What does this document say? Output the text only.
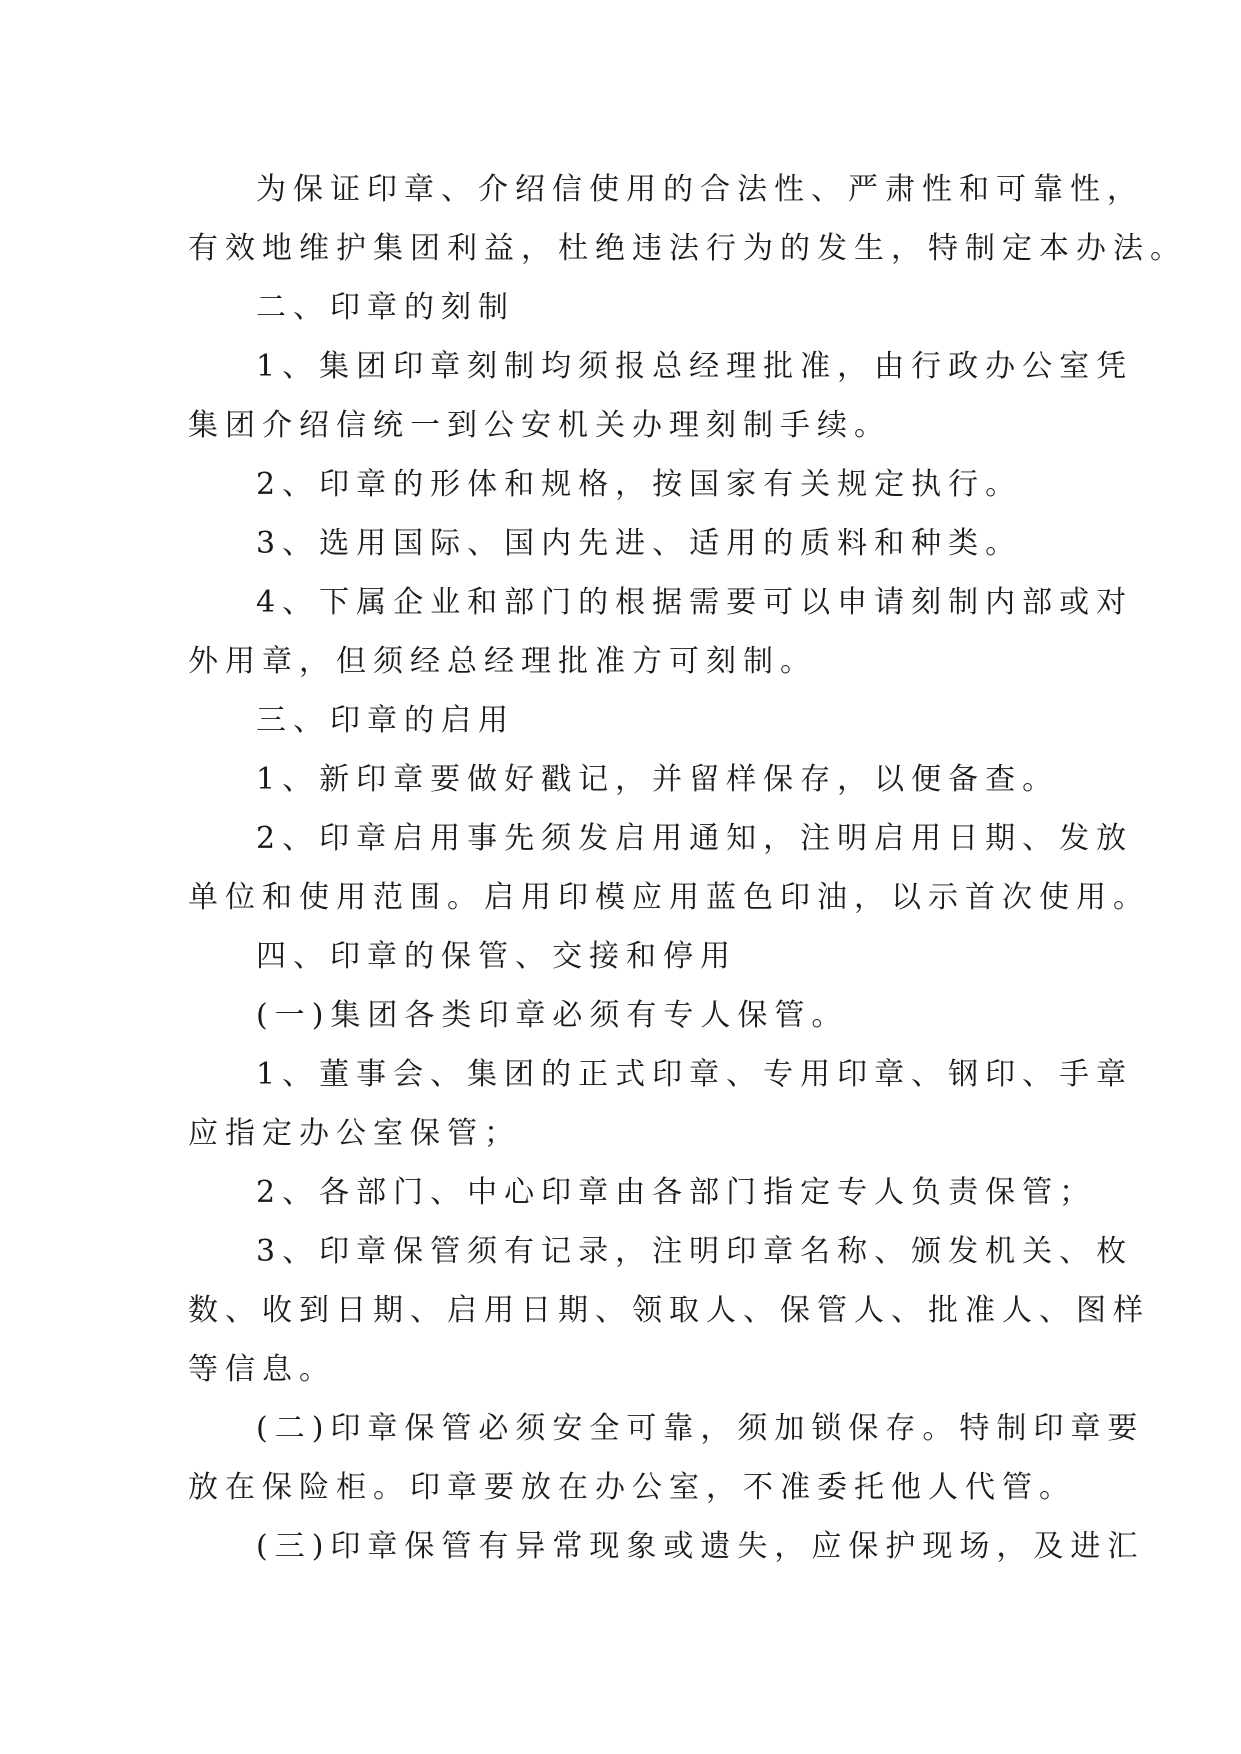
为保证印章、介绍信使用的合法性、严肃性和可靠性，
有效地维护集团利益，杜绝违法行为的发生，特制定本办法。
二、印章的刻制
1、集团印章刻制均须报总经理批准，由行政办公室凭
集团介绍信统一到公安机关办理刻制手续。
2、印章的形体和规格，按国家有关规定执行。
3、选用国际、国内先进、适用的质料和种类。
4、下属企业和部门的根据需要可以申请刻制内部或对
外用章，但须经总经理批准方可刻制。
三、印章的启用
1、新印章要做好戳记，并留样保存，以便备查。
2、印章启用事先须发启用通知，注明启用日期、发放
单位和使用范围。启用印模应用蓝色印油，以示首次使用。
四、印章的保管、交接和停用
(一)集团各类印章必须有专人保管。
1、董事会、集团的正式印章、专用印章、钢印、手章
应指定办公室保管；
2、各部门、中心印章由各部门指定专人负责保管；
3、印章保管须有记录，注明印章名称、颁发机关、枚
数、收到日期、启用日期、领取人、保管人、批准人、图样
等信息。
(二)印章保管必须安全可靠，须加锁保存。特制印章要
放在保险柜。印章要放在办公室，不准委托他人代管。
(三)印章保管有异常现象或遗失，应保护现场，及进汇
